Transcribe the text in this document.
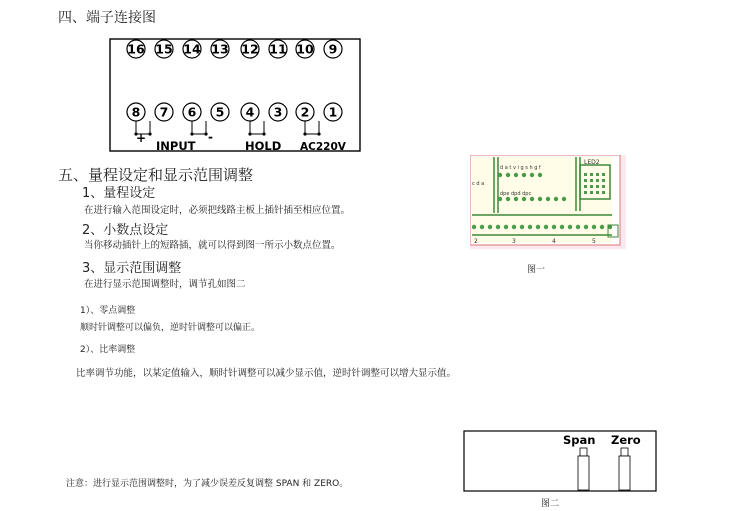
四、端子连接图
16 15 14 13 12 11 10 9
8 7 6 5 4 3 2 1
+	-
INPUT	HOLD AC220V
五、量程设定和显示范围调整
1、量程设定
在进行输入范围设定时，必须把线路主板上插针插至相应位置。
2、小数点设定
当你移动插针上的短路插，就可以得到图一所示小数点位置。
3、显示范围调整
在进行显示范围调整时，调节孔如图二
1）、零点调整
顺时针调整可以偏负，逆时针调整可以偏正。
2）、比率调整
比率调节功能，以某定值输入，顺时针调整可以减少显示值，逆时针调整可以增大显示值。
注意：进行显示范围调整时，为了减少误差反复调整 SPAN 和 ZERO。
d a t v i g s h g f
c d a
dpe dpd dpc
LED2
2	3	4	5
图一
Span Zero
图二
